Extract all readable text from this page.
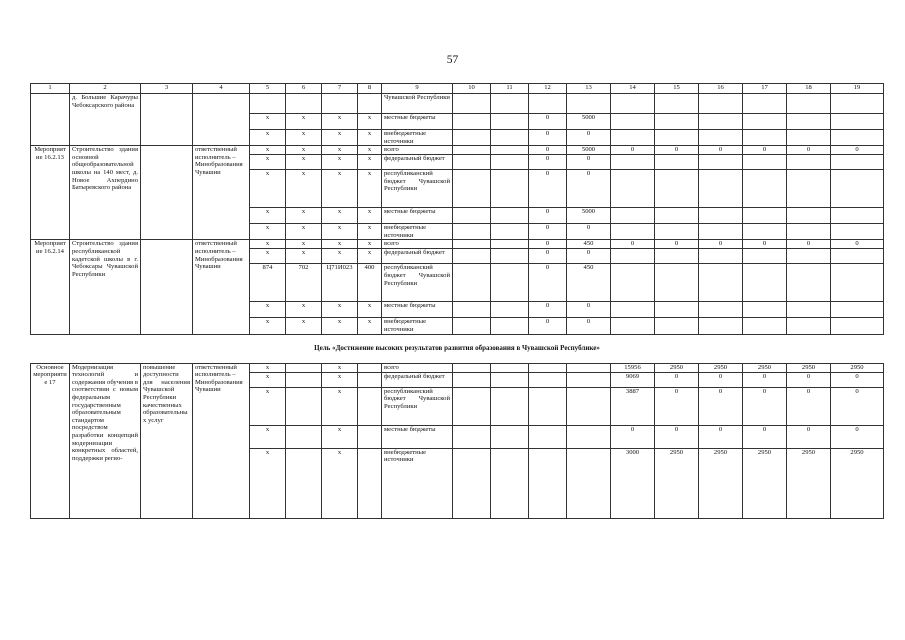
57
1	2	3	4	5	6	7	8	9	10	11	12	13	14	15	16	17	18	19
	д. Большие Карачуры Чебоксарского района							Чувашской Республики										
				х	х	х	х	местные бюджеты			0	5000						
				х	х	х	х	внебюджетные источники			0	0						
Мероприятие 16.2.13	Строительство здания основной общеобразовательной школы на 140 мест, д. Новое Ахпердино Батыревского района		ответственный исполнитель – Минобразования Чувашии	х	х	х	х	всего			0	5000	0	0	0	0	0	0
				х	х	х	х	федеральный бюджет			0	0						
				х	х	х	х	республиканский бюджет Чувашской Республики			0	0						
				х	х	х	х	местные бюджеты			0	5000						
				х	х	х	х	внебюджетные источники			0	0						
Мероприятие 16.2.14	Строительство здания республиканской кадетской школы в г. Чебоксары Чувашской Республики		ответственный исполнитель – Минобразования Чувашии	х	х	х	х	всего			0	450	0	0	0	0	0	0
				х	х	х	х	федеральный бюджет			0	0						
				874	702	Ц71И023	400	республиканский бюджет Чувашской Республики			0	450						
				х	х	х	х	местные бюджеты			0	0						
				х	х	х	х	внебюджетные источники			0	0						
Цель «Достижение высоких результатов развития образования в Чувашской Республике»																		
Основное мероприятие 17	Модернизация технологий и содержания обучения в соответствии с новым федеральным государственным образовательным стандартом посредством разработки концепций модернизации конкретных областей, поддержки регио-	повышение доступности для населения Чувашской Республики качественных образовательных услуг	ответственный исполнитель – Минобразования Чувашии	х		х		всего					15956	2950	2950	2950	2950	2950
				х		х		федеральный бюджет					9069	0	0	0	0	0
				х		х		республиканский бюджет Чувашской Республики					3887	0	0	0	0	0
				х		х		местные бюджеты					0	0	0	0	0	0
				х		х		внебюджетные источники					3000	2950	2950	2950	2950	2950
